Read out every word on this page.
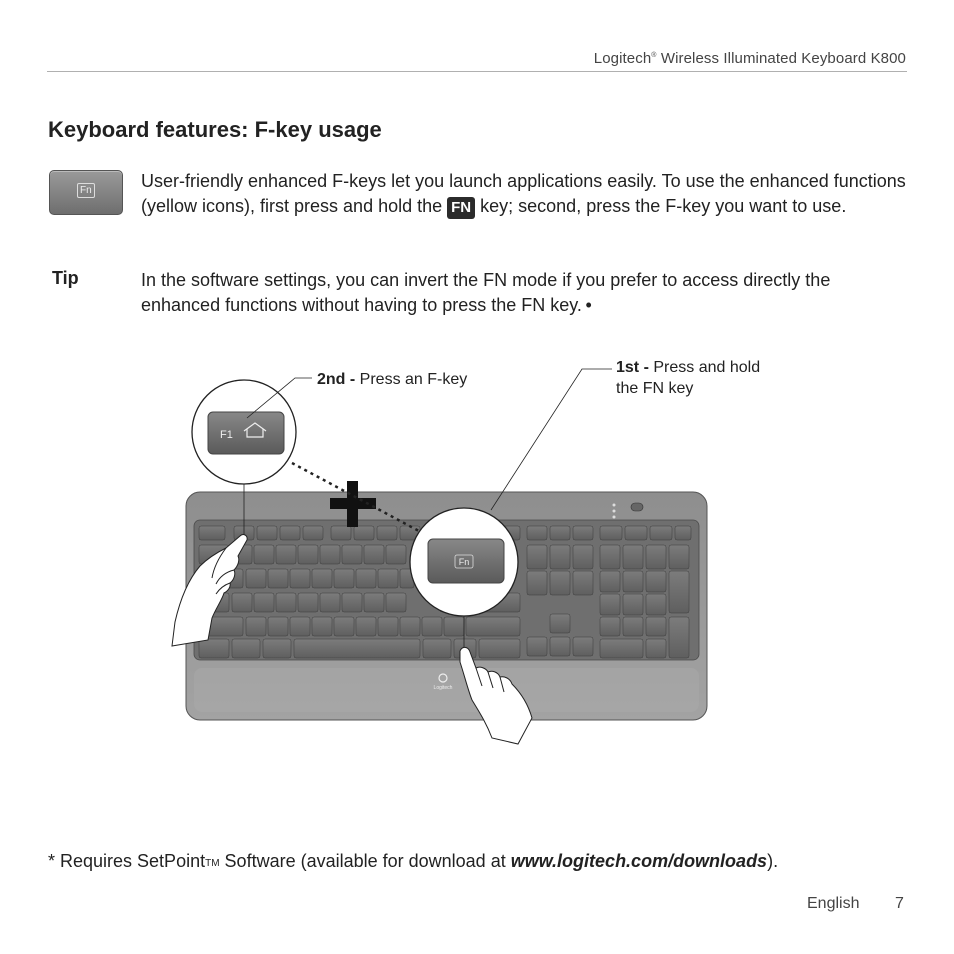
Logitech® Wireless Illuminated Keyboard K800
Keyboard features: F-key usage
Fn	User-friendly enhanced F-keys let you launch applications easily. To use the enhanced functions (yellow icons), first press and hold the FN key; second, press the F-key you want to use.
Tip	In the software settings, you can invert the FN mode if you prefer to access directly the enhanced functions without having to press the FN key. •
Logitech
F1
Fn
2nd - Press an F-key
1st - Press and hold
the FN key
* Requires SetPoint™ Software (available for download at www.logitech.com/downloads).
English 7
